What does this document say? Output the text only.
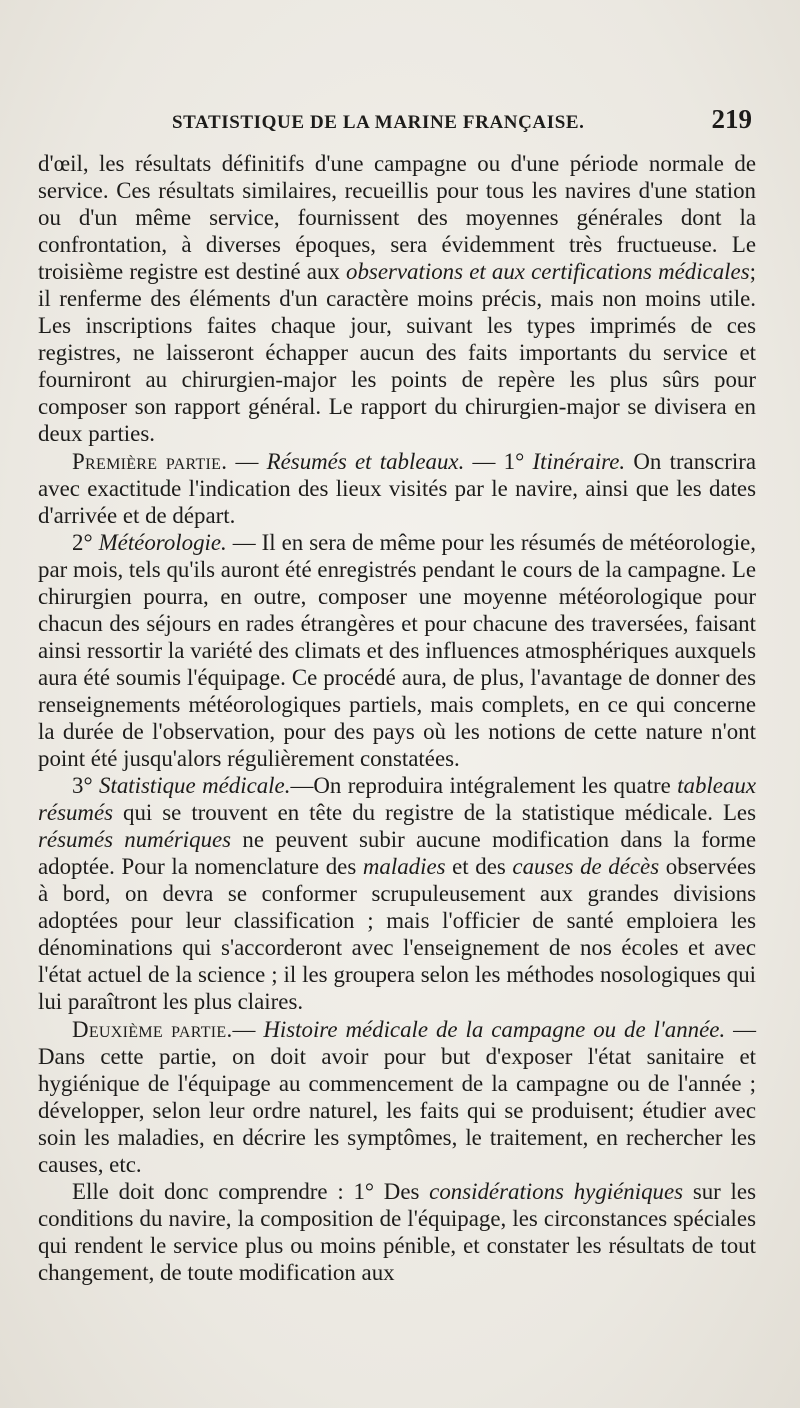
STATISTIQUE DE LA MARINE FRANÇAISE.	219

d'œil, les résultats définitifs d'une campagne ou d'une période normale de service. Ces résultats similaires, recueillis pour tous les navires d'une station ou d'un même service, fournissent des moyennes générales dont la confrontation, à diverses époques, sera évidemment très fructueuse. Le troisième registre est destiné aux observations et aux certifications médicales; il renferme des éléments d'un caractère moins précis, mais non moins utile. Les inscriptions faites chaque jour, suivant les types imprimés de ces registres, ne laisseront échapper aucun des faits importants du service et fourniront au chirurgien-major les points de repère les plus sûrs pour composer son rapport général. Le rapport du chirurgien-major se divisera en deux parties.

Première partie. — Résumés et tableaux. — 1° Itinéraire. On transcrira avec exactitude l'indication des lieux visités par le navire, ainsi que les dates d'arrivée et de départ.

2° Météorologie. — Il en sera de même pour les résumés de météorologie, par mois, tels qu'ils auront été enregistrés pendant le cours de la campagne. Le chirurgien pourra, en outre, composer une moyenne météorologique pour chacun des séjours en rades étrangères et pour chacune des traversées, faisant ainsi ressortir la variété des climats et des influences atmosphériques auxquels aura été soumis l'équipage. Ce procédé aura, de plus, l'avantage de donner des renseignements météorologiques partiels, mais complets, en ce qui concerne la durée de l'observation, pour des pays où les notions de cette nature n'ont point été jusqu'alors régulièrement constatées.

3° Statistique médicale.—On reproduira intégralement les quatre tableaux résumés qui se trouvent en tête du registre de la statistique médicale. Les résumés numériques ne peuvent subir aucune modification dans la forme adoptée. Pour la nomenclature des maladies et des causes de décès observées à bord, on devra se conformer scrupuleusement aux grandes divisions adoptées pour leur classification ; mais l'officier de santé emploiera les dénominations qui s'accorderont avec l'enseignement de nos écoles et avec l'état actuel de la science ; il les groupera selon les méthodes nosologiques qui lui paraîtront les plus claires.

Deuxième partie.— Histoire médicale de la campagne ou de l'année. — Dans cette partie, on doit avoir pour but d'exposer l'état sanitaire et hygiénique de l'équipage au commencement de la campagne ou de l'année ; développer, selon leur ordre naturel, les faits qui se produisent; étudier avec soin les maladies, en décrire les symptômes, le traitement, en rechercher les causes, etc.

Elle doit donc comprendre : 1° Des considérations hygiéniques sur les conditions du navire, la composition de l'équipage, les circonstances spéciales qui rendent le service plus ou moins pénible, et constater les résultats de tout changement, de toute modification aux
